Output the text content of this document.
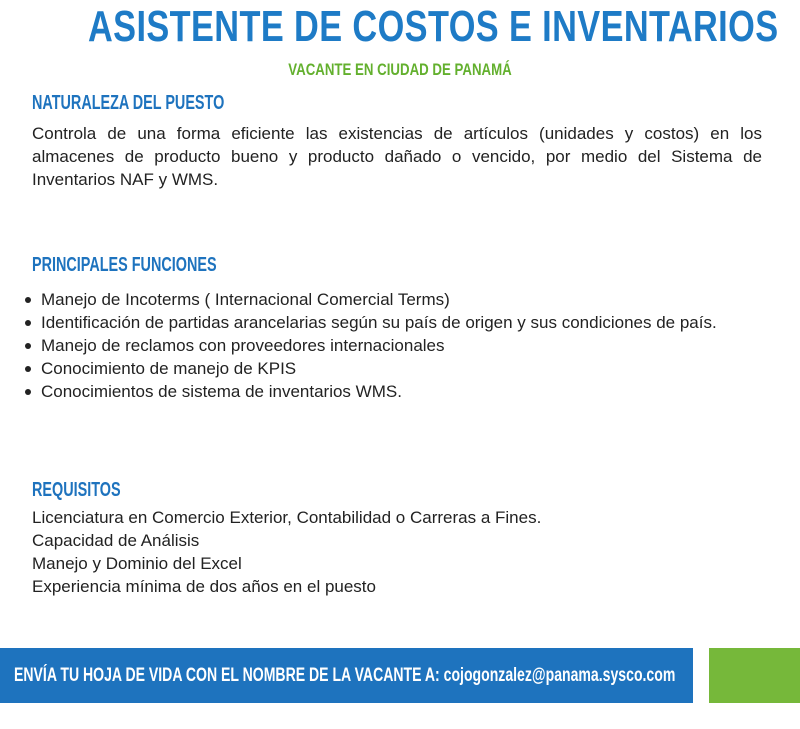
ASISTENTE DE COSTOS E INVENTARIOS
VACANTE EN CIUDAD DE PANAMÁ
NATURALEZA DEL PUESTO
Controla de una forma eficiente las existencias de artículos (unidades y costos) en los almacenes de producto bueno y producto dañado o vencido, por medio del Sistema de Inventarios NAF y WMS.
PRINCIPALES FUNCIONES
Manejo de Incoterms ( Internacional Comercial Terms)
Identificación de partidas arancelarias según su país de origen y sus condiciones de país.
Manejo de reclamos con proveedores internacionales
Conocimiento de manejo de KPIS
Conocimientos de sistema de inventarios WMS.
REQUISITOS
Licenciatura en Comercio Exterior, Contabilidad o Carreras a Fines.
Capacidad de Análisis
Manejo y Dominio del Excel
Experiencia mínima de dos años en el puesto
ENVÍA TU HOJA DE VIDA CON EL NOMBRE DE LA VACANTE A: cojogonzalez@panama.sysco.com
